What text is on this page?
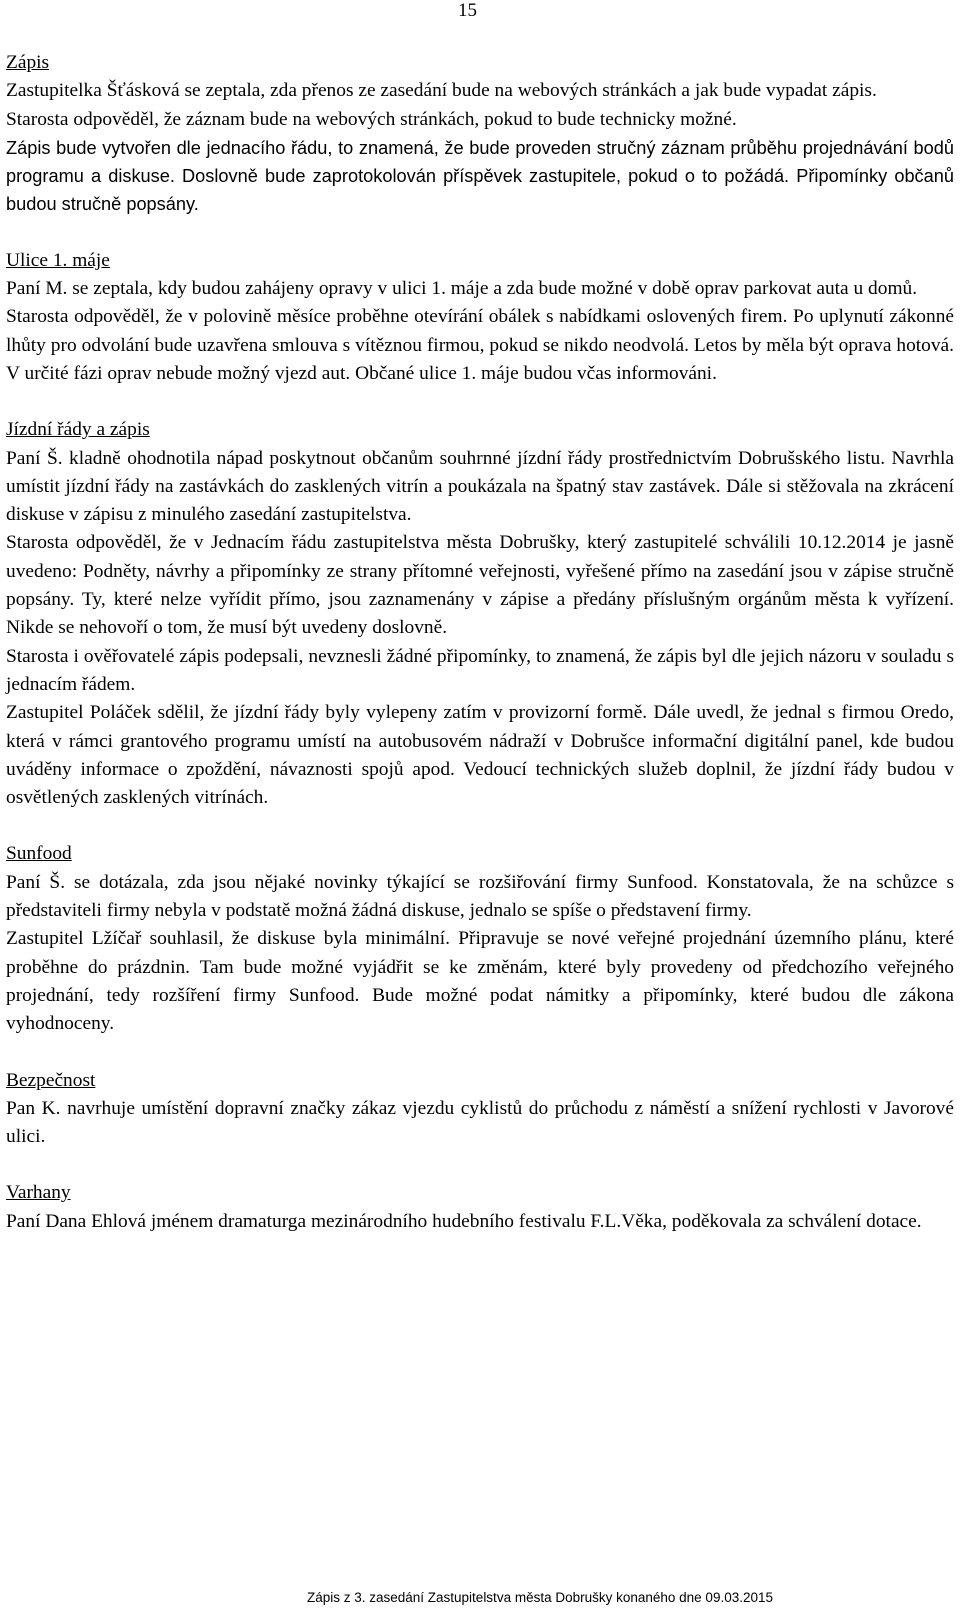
15

Zápis

Zastupitelka Šťásková se zeptala, zda přenos ze zasedání bude na webových stránkách a jak bude vypadat zápis.

Starosta odpověděl, že záznam bude na webových stránkách, pokud to bude technicky možné.

Zápis bude vytvořen dle jednacího řádu, to znamená, že bude proveden stručný záznam průběhu projednávání bodů programu a diskuse. Doslovně bude zaprotokolován příspěvek zastupitele, pokud o to požádá. Připomínky občanů budou stručně popsány.

Ulice 1. máje

Paní M. se zeptala, kdy budou zahájeny opravy v ulici 1. máje a zda bude možné v době oprav parkovat auta u domů.

Starosta odpověděl, že v polovině měsíce proběhne otevírání obálek s nabídkami oslovených firem. Po uplynutí zákonné lhůty pro odvolání bude uzavřena smlouva s vítěznou firmou, pokud se nikdo neodvolá. Letos by měla být oprava hotová. V určité fázi oprav nebude možný vjezd aut. Občané ulice 1. máje budou včas informováni.

Jízdní řády a zápis

Paní Š. kladně ohodnotila nápad poskytnout občanům souhrnné jízdní řády prostřednictvím Dobrušského listu. Navrhla umístit jízdní řády na zastávkách do zasklených vitrín a poukázala na špatný stav zastávek. Dále si stěžovala na zkrácení diskuse v zápisu z minulého zasedání zastupitelstva.

Starosta odpověděl, že v Jednacím řádu zastupitelstva města Dobrušky, který zastupitelé schválili 10.12.2014 je jasně uvedeno: Podněty, návrhy a připomínky ze strany přítomné veřejnosti, vyřešené přímo na zasedání jsou v zápise stručně popsány. Ty, které nelze vyřídit přímo, jsou zaznamenány v zápise a předány příslušným orgánům města k vyřízení. Nikde se nehovoří o tom, že musí být uvedeny doslovně.

Starosta i ověřovatelé zápis podepsali, nevznesli žádné připomínky, to znamená, že zápis byl dle jejich názoru v souladu s jednacím řádem.

Zastupitel Poláček sdělil, že jízdní řády byly vylepeny zatím v provizorní formě. Dále uvedl, že jednal s firmou Oredo, která v rámci grantového programu umístí na autobusovém nádraží v Dobrušce informační digitální panel, kde budou uváděny informace o zpoždění, návaznosti spojů apod. Vedoucí technických služeb doplnil, že jízdní řády budou v osvětlených zasklených vitrínách.

Sunfood

Paní Š. se dotázala, zda jsou nějaké novinky týkající se rozšiřování firmy Sunfood. Konstatovala, že na schůzce s představiteli firmy nebyla v podstatě možná žádná diskuse, jednalo se spíše o představení firmy.

Zastupitel Lžíčař souhlasil, že diskuse byla minimální. Připravuje se nové veřejné projednání územního plánu, které proběhne do prázdnin. Tam bude možné vyjádřit se ke změnám, které byly provedeny od předchozího veřejného projednání, tedy rozšíření firmy Sunfood. Bude možné podat námitky a připomínky, které budou dle zákona vyhodnoceny.

Bezpečnost

Pan K. navrhuje umístění dopravní značky zákaz vjezdu cyklistů do průchodu z náměstí a snížení rychlosti v Javorové ulici.

Varhany

Paní Dana Ehlová jménem dramaturga mezinárodního hudebního festivalu F.L.Věka, poděkovala za schválení dotace.

Zápis z 3. zasedání Zastupitelstva města Dobrušky konaného dne 09.03.2015
